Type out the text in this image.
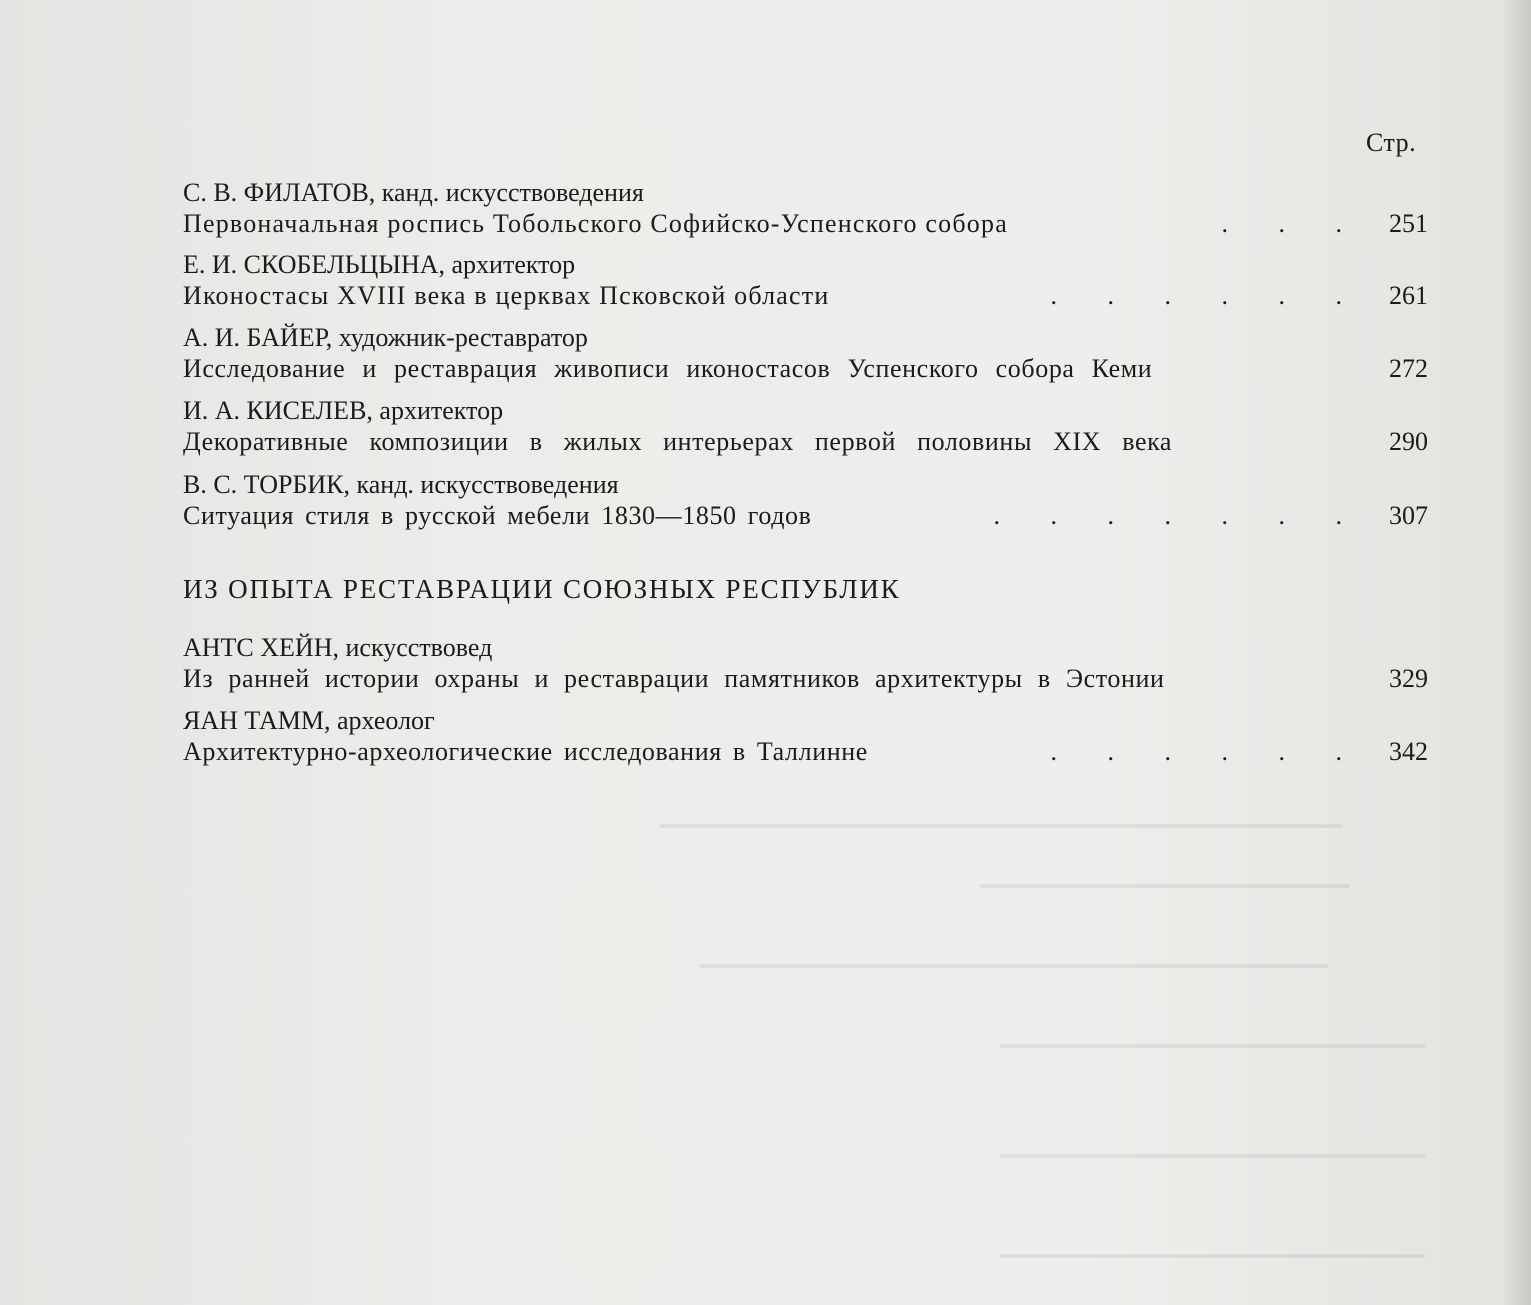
▁▁▁▁▁▁▁▁▁▁▁▁▁▁▁▁▁▁▁▁▁▁▁▁▁▁▁▁▁▁▁▁▁▁▁▁▁
▁▁▁▁▁▁▁▁▁▁▁▁▁▁▁▁▁▁▁▁
▁▁▁▁▁▁▁▁▁▁▁▁▁▁▁▁▁▁▁▁▁▁▁▁▁▁▁▁▁▁▁▁▁▁
▁▁▁▁▁▁▁▁▁▁▁▁▁▁▁▁▁▁▁▁▁▁▁
▁▁▁▁▁▁▁▁▁▁▁▁▁▁▁▁▁▁▁▁▁▁▁
▁▁▁▁▁▁▁▁▁▁▁▁▁▁▁▁▁▁▁▁▁▁▁
Стр.
С. В. ФИЛАТОВ, канд. искусствоведения
Первоначальная роспись Тобольского Софийско-Успенского собора	. . . 251
Е. И. СКОБЕЛЬЦЫНА, архитектор
Иконостасы XVIII века в церквах Псковской области	. . . . . . 261
А. И. БАЙЕР, художник-реставратор
Исследование и реставрация живописи иконостасов Успенского собора Кеми	272
И. А. КИСЕЛЕВ, архитектор
Декоративные композиции в жилых интерьерах первой половины XIX века	290
В. С. ТОРБИК, канд. искусствоведения
Ситуация стиля в русской мебели 1830—1850 годов	. . . . . . . 307
ИЗ ОПЫТА РЕСТАВРАЦИИ СОЮЗНЫХ РЕСПУБЛИК
АНТС ХЕЙН, искусствовед
Из ранней истории охраны и реставрации памятников архитектуры в Эстонии	329
ЯАН ТАММ, археолог
Архитектурно-археологические исследования в Таллинне	. . . . . . 342
